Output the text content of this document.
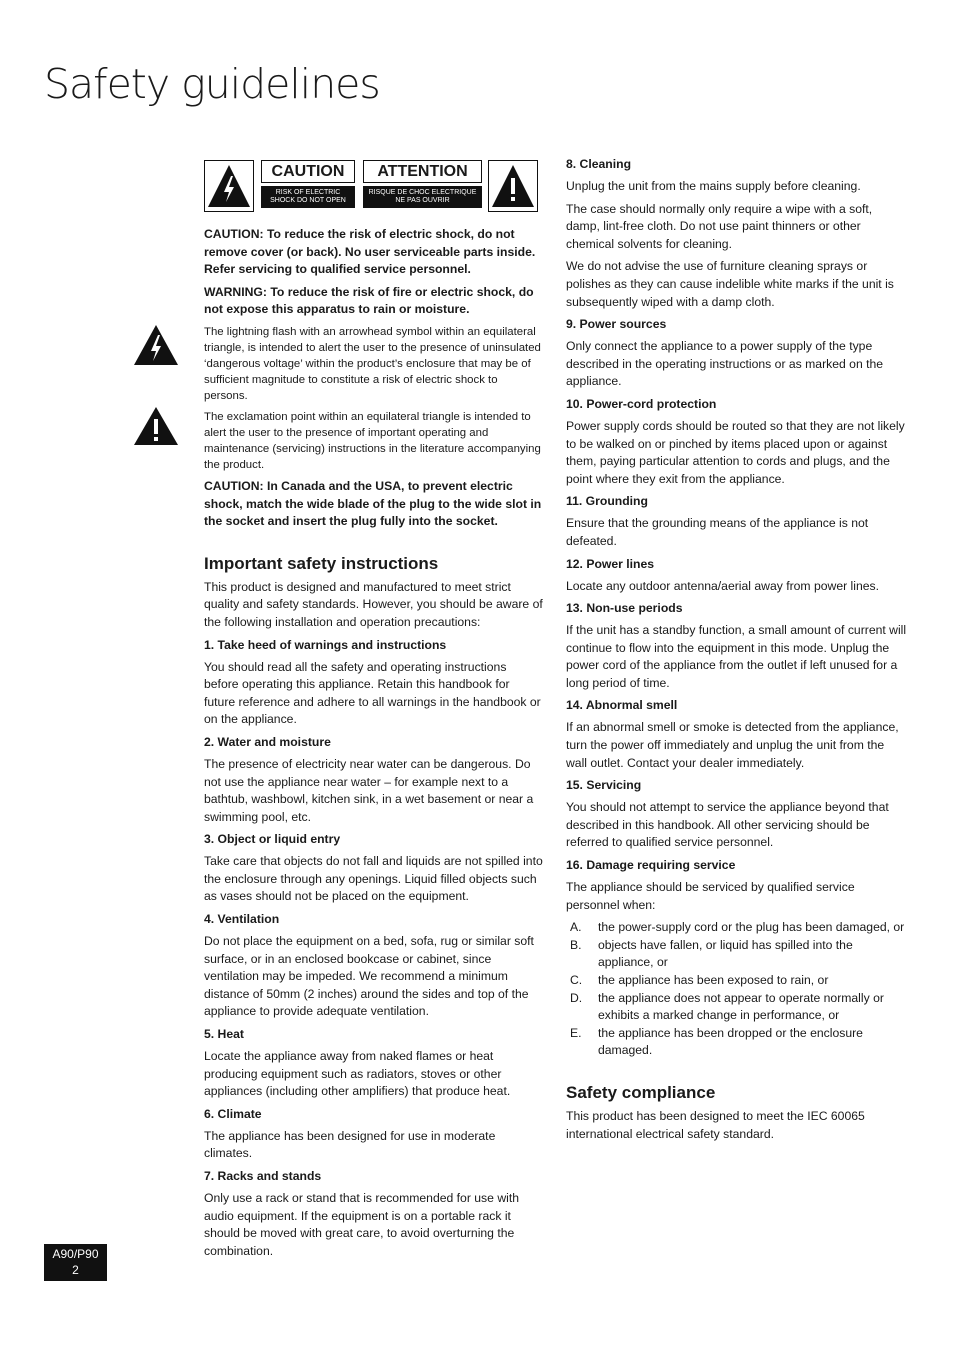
Safety guidelines
CAUTION
RISK OF ELECTRIC SHOCK DO NOT OPEN
ATTENTION
RISQUE DE CHOC ELECTRIQUE NE PAS OUVRIR

CAUTION: To reduce the risk of electric shock, do not remove cover (or back). No user serviceable parts inside. Refer servicing to qualified service personnel.

WARNING: To reduce the risk of fire or electric shock, do not expose this apparatus to rain or moisture.

The lightning flash with an arrowhead symbol within an equilateral triangle, is intended to alert the user to the presence of uninsulated ‘dangerous voltage’ within the product’s enclosure that may be of sufficient magnitude to constitute a risk of electric shock to persons.

The exclamation point within an equilateral triangle is intended to alert the user to the presence of important operating and maintenance (servicing) instructions in the literature accompanying the product.

CAUTION: In Canada and the USA, to prevent electric shock, match the wide blade of the plug to the wide slot in the socket and insert the plug fully into the socket.

Important safety instructions

This product is designed and manufactured to meet strict quality and safety standards. However, you should be aware of the following installation and operation precautions:

1. Take heed of warnings and instructions

You should read all the safety and operating instructions before operating this appliance. Retain this handbook for future reference and adhere to all warnings in the handbook or on the appliance.

2. Water and moisture

The presence of electricity near water can be dangerous. Do not use the appliance near water – for example next to a bathtub, washbowl, kitchen sink, in a wet basement or near a swimming pool, etc.

3. Object or liquid entry

Take care that objects do not fall and liquids are not spilled into the enclosure through any openings. Liquid filled objects such as vases should not be placed on the equipment.

4. Ventilation

Do not place the equipment on a bed, sofa, rug or similar soft surface, or in an enclosed bookcase or cabinet, since ventilation may be impeded. We recommend a minimum distance of 50mm (2 inches) around the sides and top of the appliance to provide adequate ventilation.

5. Heat

Locate the appliance away from naked flames or heat producing equipment such as radiators, stoves or other appliances (including other amplifiers) that produce heat.

6. Climate

The appliance has been designed for use in moderate climates.

7. Racks and stands

Only use a rack or stand that is recommended for use with audio equipment. If the equipment is on a portable rack it should be moved with great care, to avoid overturning the combination.

8. Cleaning

Unplug the unit from the mains supply before cleaning.

The case should normally only require a wipe with a soft, damp, lint-free cloth. Do not use paint thinners or other chemical solvents for cleaning.

We do not advise the use of furniture cleaning sprays or polishes as they can cause indelible white marks if the unit is subsequently wiped with a damp cloth.

9. Power sources

Only connect the appliance to a power supply of the type described in the operating instructions or as marked on the appliance.

10. Power-cord protection

Power supply cords should be routed so that they are not likely to be walked on or pinched by items placed upon or against them, paying particular attention to cords and plugs, and the point where they exit from the appliance.

11. Grounding

Ensure that the grounding means of the appliance is not defeated.

12. Power lines

Locate any outdoor antenna/aerial away from power lines.

13. Non-use periods

If the unit has a standby function, a small amount of current will continue to flow into the equipment in this mode. Unplug the power cord of the appliance from the outlet if left unused for a long period of time.

14. Abnormal smell

If an abnormal smell or smoke is detected from the appliance, turn the power off immediately and unplug the unit from the wall outlet. Contact your dealer immediately.

15. Servicing

You should not attempt to service the appliance beyond that described in this handbook. All other servicing should be referred to qualified service personnel.

16. Damage requiring service

The appliance should be serviced by qualified service personnel when:

A. the power-supply cord or the plug has been damaged, or
B. objects have fallen, or liquid has spilled into the appliance, or
C. the appliance has been exposed to rain, or
D. the appliance does not appear to operate normally or exhibits a marked change in performance, or
E. the appliance has been dropped or the enclosure damaged.
Safety compliance

This product has been designed to meet the IEC 60065 international electrical safety standard.

A90/P90
2
